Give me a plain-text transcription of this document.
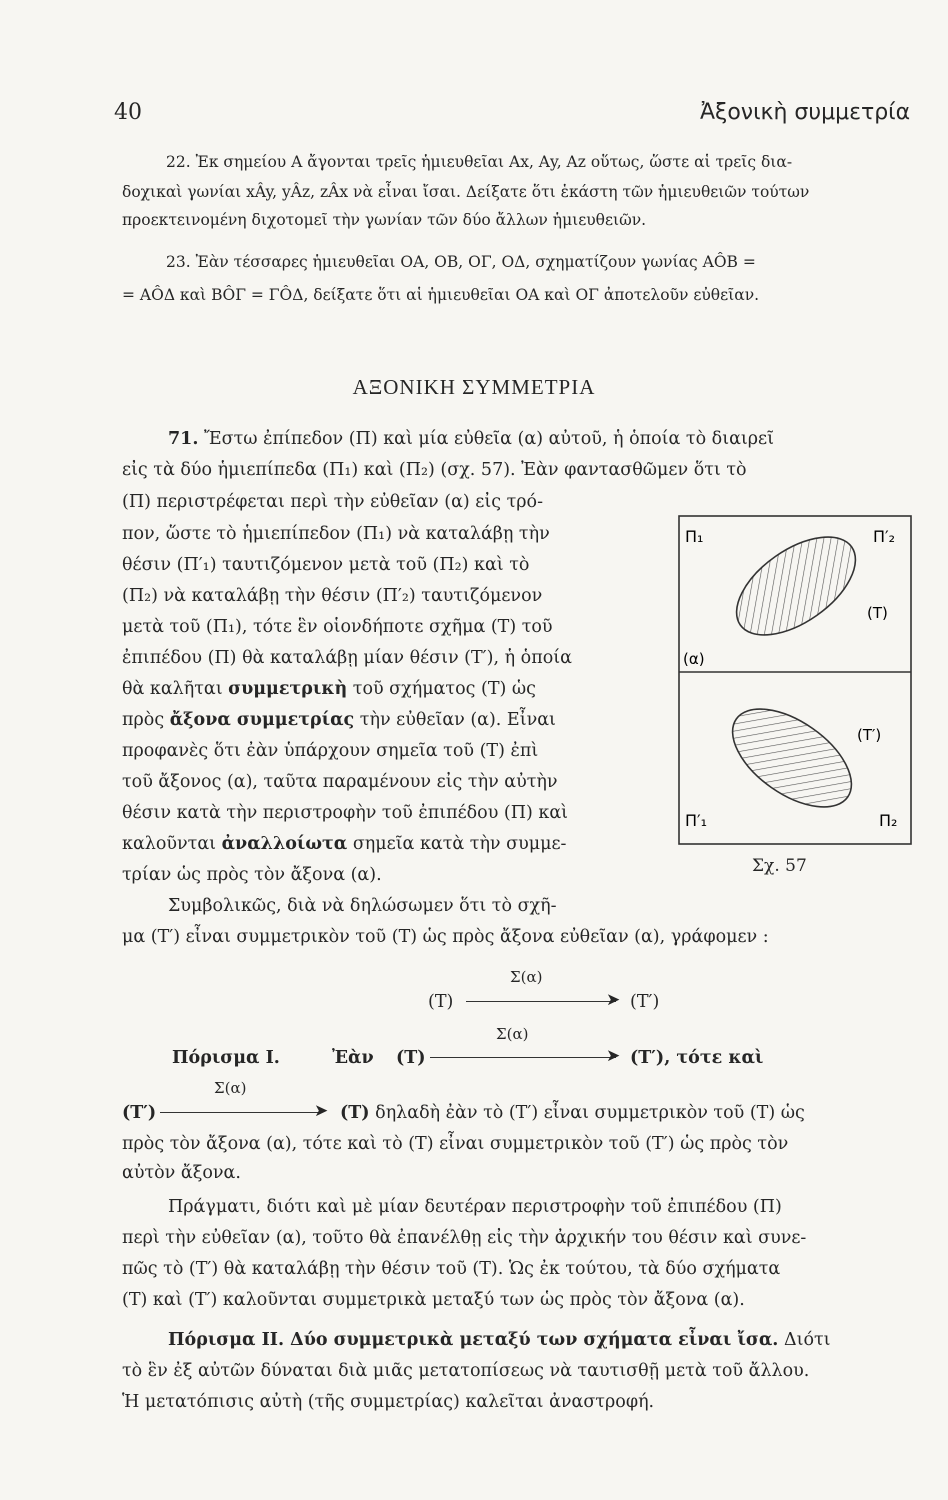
40	Ἀξονικὴ συμμετρία
22. Ἐκ σημείου Α ἄγονται τρεῖς ἡμιευθεῖαι Αx, Αy, Αz οὕτως, ὥστε αἱ τρεῖς δια-
δοχικαὶ γωνίαι xÂy, yÂz, zÂx νὰ εἶναι ἴσαι. Δείξατε ὅτι ἑκάστη τῶν ἡμιευθειῶν τούτων
προεκτεινομένη διχοτομεῖ τὴν γωνίαν τῶν δύο ἄλλων ἡμιευθειῶν.
23. Ἐὰν τέσσαρες ἡμιευθεῖαι ΟΑ, ΟΒ, ΟΓ, ΟΔ, σχηματίζουν γωνίας ΑÔΒ =
= ΑÔΔ καὶ ΒÔΓ = ΓÔΔ, δείξατε ὅτι αἱ ἡμιευθεῖαι ΟΑ καὶ ΟΓ ἀποτελοῦν εὐθεῖαν.
ΑΞΟΝΙΚΗ ΣΥΜΜΕΤΡΙΑ
71. Ἔστω ἐπίπεδον (Π) καὶ μία εὐθεῖα (α) αὐτοῦ, ἡ ὁποία τὸ διαιρεῖ
εἰς τὰ δύο ἡμιεπίπεδα (Π₁) καὶ (Π₂) (σχ. 57). Ἐὰν φαντασθῶμεν ὅτι τὸ
(Π) περιστρέφεται περὶ τὴν εὐθεῖαν (α) εἰς τρό-
πον, ὥστε τὸ ἡμιεπίπεδον (Π₁) νὰ καταλάβῃ τὴν
θέσιν (Π′₁) ταυτιζόμενον μετὰ τοῦ (Π₂) καὶ τὸ
(Π₂) νὰ καταλάβῃ τὴν θέσιν (Π′₂) ταυτιζόμενον
μετὰ τοῦ (Π₁), τότε ἓν οἱονδήποτε σχῆμα (Τ) τοῦ
ἐπιπέδου (Π) θὰ καταλάβῃ μίαν θέσιν (Τ′), ἡ ὁποία
θὰ καλῆται συμμετρικὴ τοῦ σχήματος (Τ) ὡς
πρὸς ἄξονα συμμετρίας τὴν εὐθεῖαν (α). Εἶναι
προφανὲς ὅτι ἐὰν ὑπάρχουν σημεῖα τοῦ (Τ) ἐπὶ
τοῦ ἄξονος (α), ταῦτα παραμένουν εἰς τὴν αὐτὴν
θέσιν κατὰ τὴν περιστροφὴν τοῦ ἐπιπέδου (Π) καὶ
καλοῦνται ἀναλλοίωτα σημεῖα κατὰ τὴν συμμε-
τρίαν ὡς πρὸς τὸν ἄξονα (α).
Συμβολικῶς, διὰ νὰ δηλώσωμεν ὅτι τὸ σχῆ-
μα (Τ′) εἶναι συμμετρικὸν τοῦ (Τ) ὡς πρὸς ἄξονα εὐθεῖαν (α), γράφομεν :
Σ(α)
(Τ)	➤ (Τ′)
Σ(α)
Πόρισμα Ι.	Ἐὰν (Τ)	➤ (Τ′), τότε καὶ
Σ(α)
(Τ′)	➤ (Τ) δηλαδὴ ἐὰν τὸ (Τ′) εἶναι συμμετρικὸν τοῦ (Τ) ὡς
πρὸς τὸν ἄξονα (α), τότε καὶ τὸ (Τ) εἶναι συμμετρικὸν τοῦ (Τ′) ὡς πρὸς τὸν
αὐτὸν ἄξονα.
Πράγματι, διότι καὶ μὲ μίαν δευτέραν περιστροφὴν τοῦ ἐπιπέδου (Π)
περὶ τὴν εὐθεῖαν (α), τοῦτο θὰ ἐπανέλθῃ εἰς τὴν ἀρχικήν του θέσιν καὶ συνε-
πῶς τὸ (Τ′) θὰ καταλάβῃ τὴν θέσιν τοῦ (Τ). Ὡς ἐκ τούτου, τὰ δύο σχήματα
(Τ) καὶ (Τ′) καλοῦνται συμμετρικὰ μεταξύ των ὡς πρὸς τὸν ἄξονα (α).
Πόρισμα ΙΙ. Δύο συμμετρικὰ μεταξύ των σχήματα εἶναι ἴσα. Διότι
τὸ ἓν ἐξ αὐτῶν δύναται διὰ μιᾶς μετατοπίσεως νὰ ταυτισθῇ μετὰ τοῦ ἄλλου.
Ἡ μετατόπισις αὐτὴ (τῆς συμμετρίας) καλεῖται ἀναστροφή.
Π₁	Π′₂
(Τ)
(α)
(Τ′)
Π′₁	Π₂
Σχ. 57
